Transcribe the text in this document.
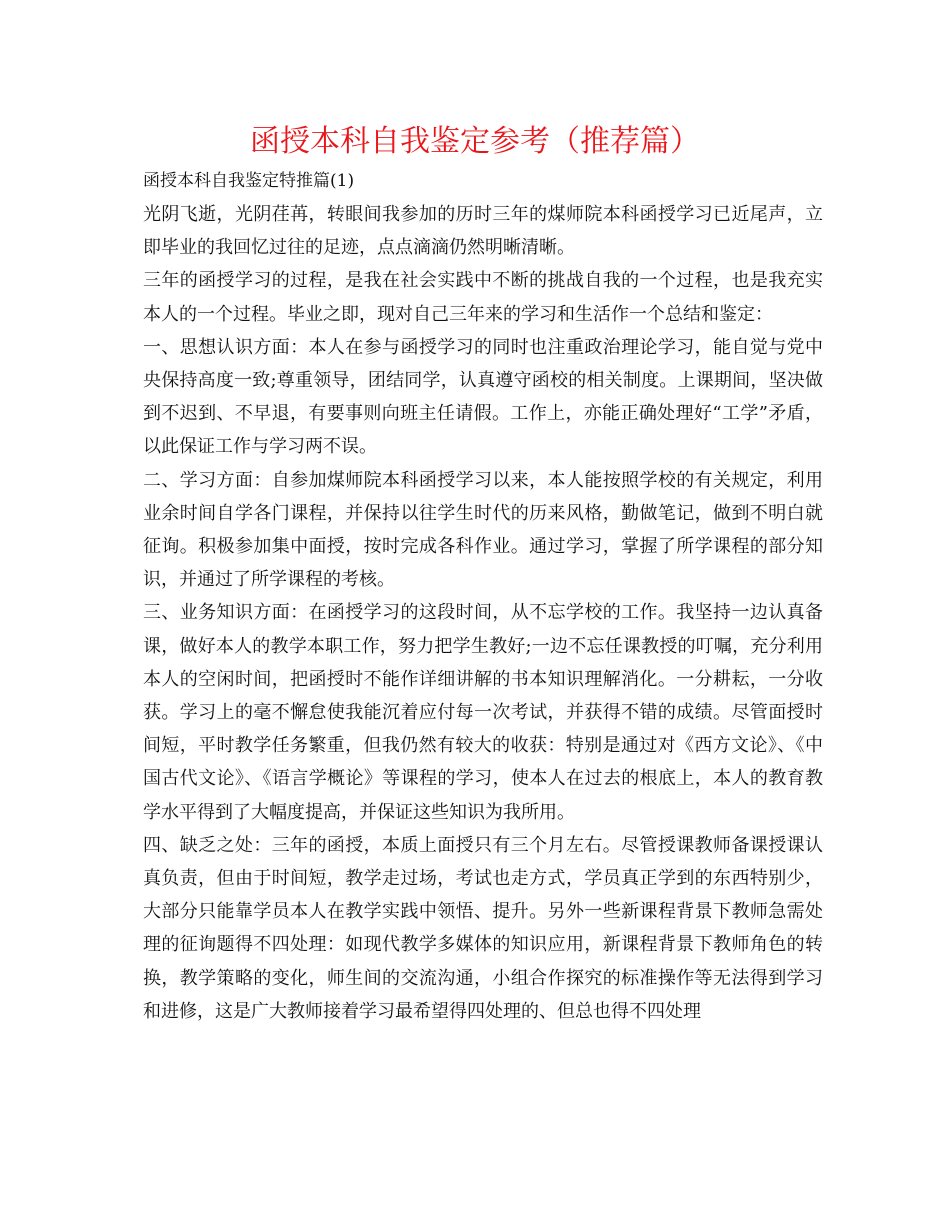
函授本科自我鉴定参考（推荐篇）

函授本科自我鉴定特推篇(1)

光阴飞逝，光阴荏苒，转眼间我参加的历时三年的煤师院本科函授学习已近尾声，立即毕业的我回忆过往的足迹，点点滴滴仍然明晰清晰。

三年的函授学习的过程，是我在社会实践中不断的挑战自我的一个过程，也是我充实本人的一个过程。毕业之即，现对自己三年来的学习和生活作一个总结和鉴定：

一、思想认识方面：本人在参与函授学习的同时也注重政治理论学习，能自觉与党中央保持高度一致;尊重领导，团结同学，认真遵守函校的相关制度。上课期间，坚决做到不迟到、不早退，有要事则向班主任请假。工作上，亦能正确处理好“工学”矛盾，以此保证工作与学习两不误。

二、学习方面：自参加煤师院本科函授学习以来，本人能按照学校的有关规定，利用业余时间自学各门课程，并保持以往学生时代的历来风格，勤做笔记，做到不明白就征询。积极参加集中面授，按时完成各科作业。通过学习，掌握了所学课程的部分知识，并通过了所学课程的考核。

三、业务知识方面：在函授学习的这段时间，从不忘学校的工作。我坚持一边认真备课，做好本人的教学本职工作，努力把学生教好;一边不忘任课教授的叮嘱，充分利用本人的空闲时间，把函授时不能作详细讲解的书本知识理解消化。一分耕耘，一分收获。学习上的毫不懈怠使我能沉着应付每一次考试，并获得不错的成绩。尽管面授时间短，平时教学任务繁重，但我仍然有较大的收获：特别是通过对《西方文论》、《中国古代文论》、《语言学概论》等课程的学习，使本人在过去的根底上，本人的教育教学水平得到了大幅度提高，并保证这些知识为我所用。

四、缺乏之处：三年的函授，本质上面授只有三个月左右。尽管授课教师备课授课认真负责，但由于时间短，教学走过场，考试也走方式，学员真正学到的东西特别少，大部分只能靠学员本人在教学实践中领悟、提升。另外一些新课程背景下教师急需处理的征询题得不四处理：如现代教学多媒体的知识应用，新课程背景下教师角色的转换，教学策略的变化，师生间的交流沟通，小组合作探究的标准操作等无法得到学习和进修，这是广大教师接着学习最希望得四处理的、但总也得不四处理
